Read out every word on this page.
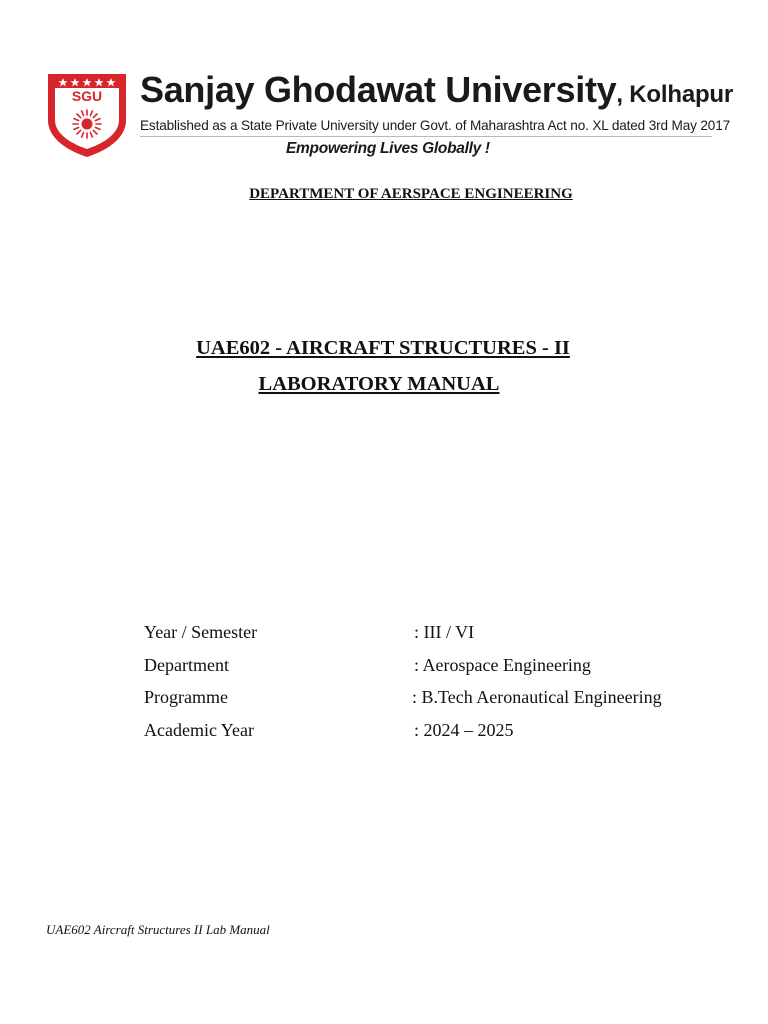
SGU Sanjay Ghodawat University, Kolhapur
Established as a State Private University under Govt. of Maharashtra Act no. XL dated 3rd May 2017
Empowering Lives Globally !
DEPARTMENT OF AERSPACE ENGINEERING
UAE602 - AIRCRAFT STRUCTURES - II
LABORATORY MANUAL
Year / Semester	: III / VI
Department	: Aerospace Engineering
Programme	: B.Tech Aeronautical Engineering
Academic Year	: 2024 – 2025
UAE602 Aircraft Structures II Lab Manual
